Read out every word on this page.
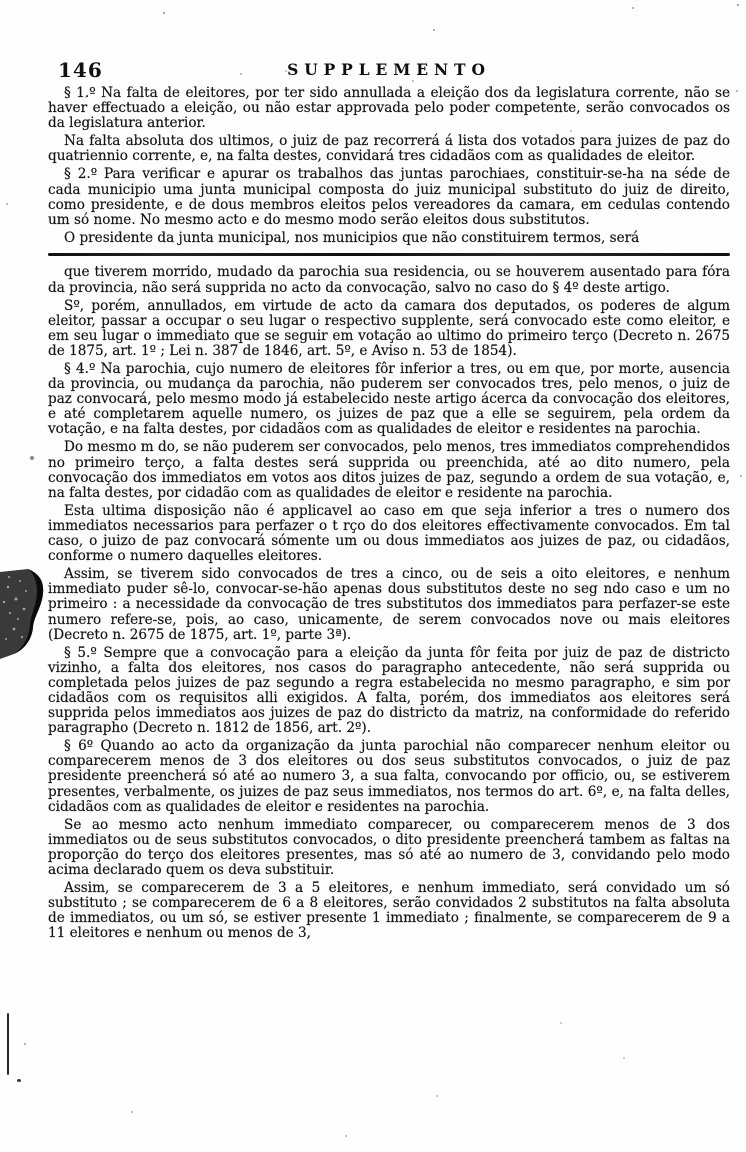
146	SUPPLEMENTO

§ 1.º Na falta de eleitores, por ter sido annullada a eleição dos da legislatura corrente, não se haver effectuado a eleição, ou não estar approvada pelo poder competente, serão convocados os da legislatura anterior.

Na falta absoluta dos ultimos, o juiz de paz recorrerá á lista dos votados para juizes de paz do quatriennio corrente, e, na falta destes, convidará tres cidadãos com as qualidades de eleitor.

§ 2.º Para verificar e apurar os trabalhos das juntas parochiaes, constituir-se-ha na séde de cada municipio uma junta municipal composta do juiz municipal substituto do juiz de direito, como presidente, e de dous membros eleitos pelos vereadores da camara, em cedulas contendo um só nome. No mesmo acto e do mesmo modo serão eleitos dous substitutos.

O presidente da junta municipal, nos municipios que não constituirem termos, será

que tiverem morrido, mudado da parochia sua residencia, ou se houverem ausentado para fóra da provincia, não será supprida no acto da convocação, salvo no caso do § 4º deste artigo.

Sº, porém, annullados, em virtude de acto da camara dos deputados, os poderes de algum eleitor, passar a occupar o seu lugar o respectivo supplente, será convocado este como eleitor, e em seu lugar o immediato que se seguir em votação ao ultimo do primeiro terço (Decreto n. 2675 de 1875, art. 1º ; Lei n. 387 de 1846, art. 5º, e Aviso n. 53 de 1854).

§ 4.º Na parochia, cujo numero de eleitores fôr inferior a tres, ou em que, por morte, ausencia da provincia, ou mudança da parochia, não puderem ser convocados tres, pelo menos, o juiz de paz convocará, pelo mesmo modo já estabelecido neste artigo ácerca da convocação dos eleitores, e até completarem aquelle numero, os juizes de paz que a elle se seguirem, pela ordem da votação, e na falta destes, por cidadãos com as qualidades de eleitor e residentes na parochia.

Do mesmo m do, se não puderem ser convocados, pelo menos, tres immediatos comprehendidos no primeiro terço, a falta destes será supprida ou preenchida, até ao dito numero, pela convocação dos immediatos em votos aos ditos juizes de paz, segundo a ordem de sua votação, e, na falta destes, por cidadão com as qualidades de eleitor e residente na parochia.

Esta ultima disposição não é applicavel ao caso em que seja inferior a tres o numero dos immediatos necessarios para perfazer o t rço do dos eleitores effectivamente convocados. Em tal caso, o juizo de paz convocará sómente um ou dous immediatos aos juizes de paz, ou cidadãos, conforme o numero daquelles eleitores.

Assim, se tiverem sido convocados de tres a cinco, ou de seis a oito eleitores, e nenhum immediato puder sê-lo, convocar-se-hão apenas dous substitutos deste no seg ndo caso e um no primeiro : a necessidade da convocação de tres substitutos dos immediatos para perfazer-se este numero refere-se, pois, ao caso, unicamente, de serem convocados nove ou mais eleitores (Decreto n. 2675 de 1875, art. 1º, parte 3ª).

§ 5.º Sempre que a convocação para a eleição da junta fôr feita por juiz de paz de districto vizinho, a falta dos eleitores, nos casos do paragrapho antecedente, não será supprida ou completada pelos juizes de paz segundo a regra estabelecida no mesmo paragrapho, e sim por cidadãos com os requisitos alli exigidos. A falta, porém, dos immediatos aos eleitores será supprida pelos immediatos aos juizes de paz do districto da matriz, na conformidade do referido paragrapho (Decreto n. 1812 de 1856, art. 2º).

§ 6º Quando ao acto da organização da junta parochial não comparecer nenhum eleitor ou comparecerem menos de 3 dos eleitores ou dos seus substitutos convocados, o juiz de paz presidente preencherá só até ao numero 3, a sua falta, convocando por officio, ou, se estiverem presentes, verbalmente, os juizes de paz seus immediatos, nos termos do art. 6º, e, na falta delles, cidadãos com as qualidades de eleitor e residentes na parochia.

Se ao mesmo acto nenhum immediato comparecer, ou comparecerem menos de 3 dos immediatos ou de seus substitutos convocados, o dito presidente preencherá tambem as faltas na proporção do terço dos eleitores presentes, mas só até ao numero de 3, convidando pelo modo acima declarado quem os deva substituir.

Assim, se comparecerem de 3 a 5 eleitores, e nenhum immediato, será convidado um só substituto ; se comparecerem de 6 a 8 eleitores, serão convidados 2 substitutos na falta absoluta de immediatos, ou um só, se estiver presente 1 immediato ; finalmente, se comparecerem de 9 a 11 eleitores e nenhum ou menos de 3,
